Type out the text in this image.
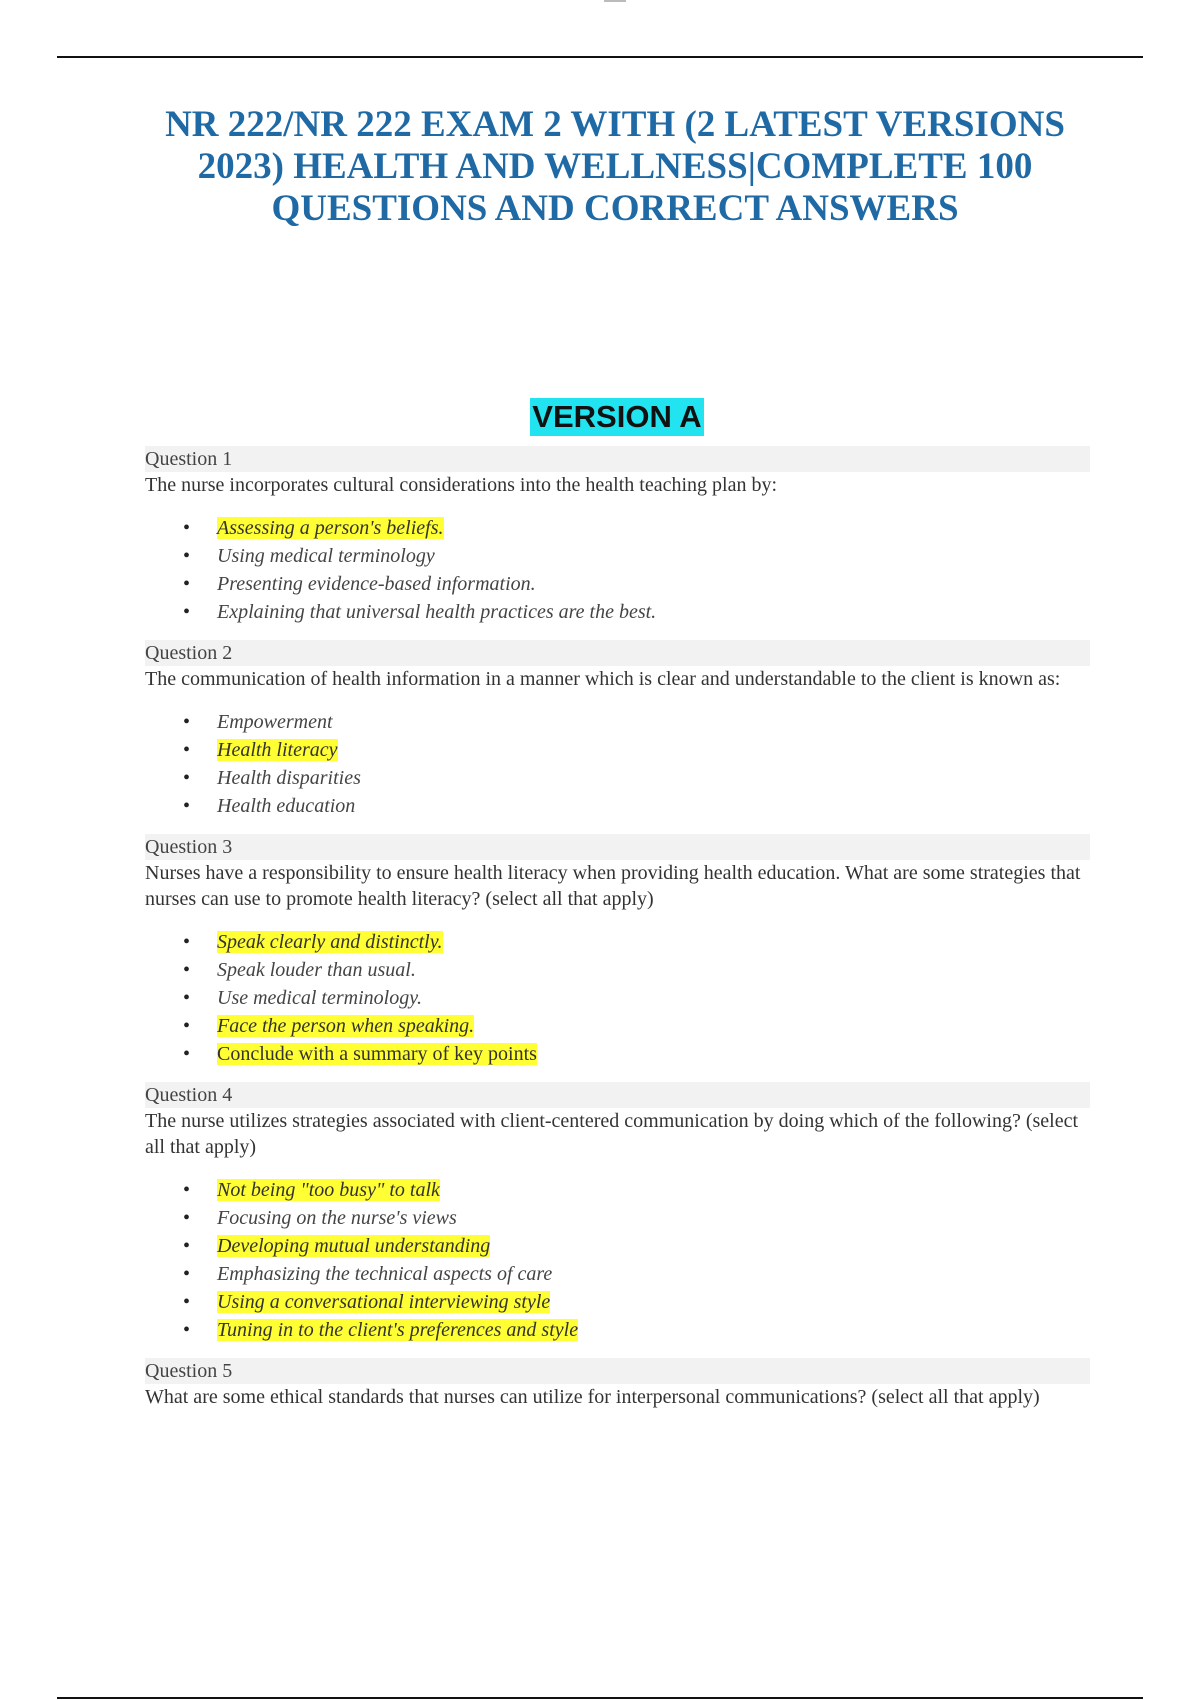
NR 222/NR 222 EXAM 2 WITH (2 LATEST VERSIONS 2023) HEALTH AND WELLNESS|COMPLETE 100 QUESTIONS AND CORRECT ANSWERS
VERSION A
Question 1

The nurse incorporates cultural considerations into the health teaching plan by:

• Assessing a person's beliefs.
• Using medical terminology
• Presenting evidence-based information.
• Explaining that universal health practices are the best.
Question 2

The communication of health information in a manner which is clear and understandable to the client is known as:

• Empowerment
• Health literacy
• Health disparities
• Health education
Question 3

Nurses have a responsibility to ensure health literacy when providing health education. What are some strategies that nurses can use to promote health literacy? (select all that apply)

• Speak clearly and distinctly.
• Speak louder than usual.
• Use medical terminology.
• Face the person when speaking.
• Conclude with a summary of key points
Question 4

The nurse utilizes strategies associated with client-centered communication by doing which of the following? (select all that apply)

• Not being "too busy" to talk
• Focusing on the nurse's views
• Developing mutual understanding
• Emphasizing the technical aspects of care
• Using a conversational interviewing style
• Tuning in to the client's preferences and style
Question 5

What are some ethical standards that nurses can utilize for interpersonal communications? (select all that apply)
